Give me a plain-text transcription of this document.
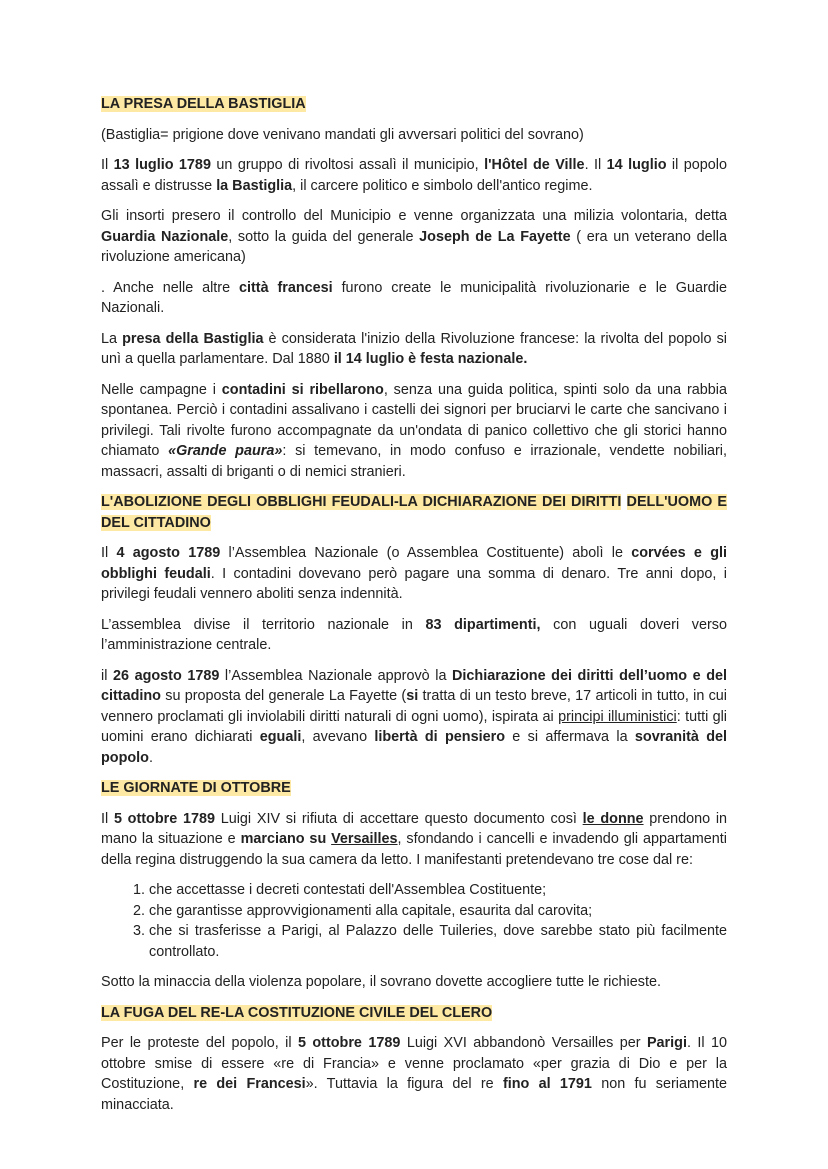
LA PRESA DELLA BASTIGLIA

(Bastiglia= prigione dove venivano mandati gli avversari politici del sovrano)

Il 13 luglio 1789 un gruppo di rivoltosi assalì il municipio, l'Hôtel de Ville. Il 14 luglio il popolo assalì e distrusse la Bastiglia, il carcere politico e simbolo dell'antico regime.

Gli insorti presero il controllo del Municipio e venne organizzata una milizia volontaria, detta Guardia Nazionale, sotto la guida del generale Joseph de La Fayette ( era un veterano della rivoluzione americana)

. Anche nelle altre città francesi furono create le municipalità rivoluzionarie e le Guardie Nazionali.

La presa della Bastiglia è considerata l'inizio della Rivoluzione francese: la rivolta del popolo si unì a quella parlamentare. Dal 1880 il 14 luglio è festa nazionale.

Nelle campagne i contadini si ribellarono, senza una guida politica, spinti solo da una rabbia spontanea. Perciò i contadini assalivano i castelli dei signori per bruciarvi le carte che sancivano i privilegi. Tali rivolte furono accompagnate da un'ondata di panico collettivo che gli storici hanno chiamato «Grande paura»: si temevano, in modo confuso e irrazionale, vendette nobiliari, massacri, assalti di briganti o di nemici stranieri.

L'ABOLIZIONE DEGLI OBBLIGHI FEUDALI-LA DICHIARAZIONE DEI DIRITTI DELL'UOMO E DEL CITTADINO

Il 4 agosto 1789 l’Assemblea Nazionale (o Assemblea Costituente) abolì le corvées e gli obblighi feudali. I contadini dovevano però pagare una somma di denaro. Tre anni dopo, i privilegi feudali vennero aboliti senza indennità.

L’assemblea divise il territorio nazionale in 83 dipartimenti, con uguali doveri verso l’amministrazione centrale.

il 26 agosto 1789 l’Assemblea Nazionale approvò la Dichiarazione dei diritti dell’uomo e del cittadino su proposta del generale La Fayette (si tratta di un testo breve, 17 articoli in tutto, in cui vennero proclamati gli inviolabili diritti naturali di ogni uomo), ispirata ai principi illuministici: tutti gli uomini erano dichiarati eguali, avevano libertà di pensiero e si affermava la sovranità del popolo.

LE GIORNATE DI OTTOBRE

Il 5 ottobre 1789 Luigi XIV si rifiuta di accettare questo documento così le donne prendono in mano la situazione e marciano su Versailles, sfondando i cancelli e invadendo gli appartamenti della regina distruggendo la sua camera da letto. I manifestanti pretendevano tre cose dal re:

1. che accettasse i decreti contestati dell'Assemblea Costituente;
2. che garantisse approvvigionamenti alla capitale, esaurita dal carovita;
3. che si trasferisse a Parigi, al Palazzo delle Tuileries, dove sarebbe stato più facilmente controllato.

Sotto la minaccia della violenza popolare, il sovrano dovette accogliere tutte le richieste.

LA FUGA DEL RE-LA COSTITUZIONE CIVILE DEL CLERO

Per le proteste del popolo, il 5 ottobre 1789 Luigi XVI abbandonò Versailles per Parigi. Il 10 ottobre smise di essere «re di Francia» e venne proclamato «per grazia di Dio e per la Costituzione, re dei Francesi». Tuttavia la figura del re fino al 1791 non fu seriamente minacciata.
